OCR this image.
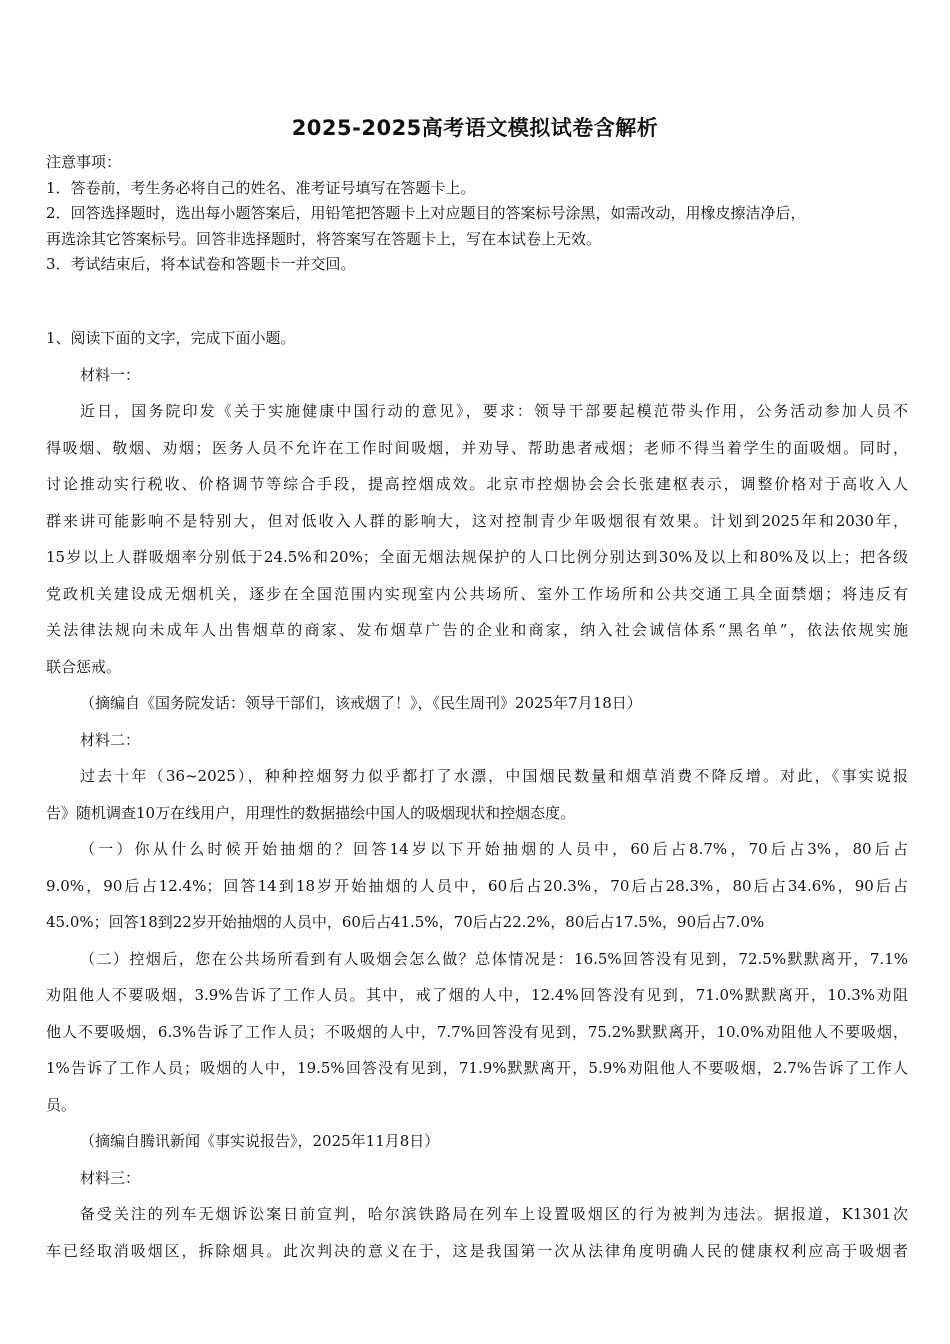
2025-2025高考语文模拟试卷含解析
注意事项：
1．答卷前，考生务必将自己的姓名、准考证号填写在答题卡上。
2．回答选择题时，选出每小题答案后，用铅笔把答题卡上对应题目的答案标号涂黑，如需改动，用橡皮擦洁净后，
再选涂其它答案标号。回答非选择题时，将答案写在答题卡上，写在本试卷上无效。
3．考试结束后，将本试卷和答题卡一并交回。
1、阅读下面的文字，完成下面小题。
材料一：
近日，国务院印发《关于实施健康中国行动的意见》，要求：领导干部要起模范带头作用，公务活动参加人员不
得吸烟、敬烟、劝烟；医务人员不允许在工作时间吸烟，并劝导、帮助患者戒烟；老师不得当着学生的面吸烟。同时，
讨论推动实行税收、价格调节等综合手段，提高控烟成效。北京市控烟协会会长张建枢表示，调整价格对于高收入人
群来讲可能影响不是特别大，但对低收入人群的影响大，这对控制青少年吸烟很有效果。计划到2025年和2030年，
15岁以上人群吸烟率分别低于24.5%和20%；全面无烟法规保护的人口比例分别达到30%及以上和80%及以上；把各级
党政机关建设成无烟机关，逐步在全国范围内实现室内公共场所、室外工作场所和公共交通工具全面禁烟；将违反有
关法律法规向未成年人出售烟草的商家、发布烟草广告的企业和商家，纳入社会诚信体系“黑名单”，依法依规实施
联合惩戒。
（摘编自《国务院发话：领导干部们，该戒烟了！》，《民生周刊》2025年7月18日）
材料二：
过去十年（36~2025），种种控烟努力似乎都打了水漂，中国烟民数量和烟草消费不降反增。对此，《事实说报
告》随机调查10万在线用户，用理性的数据描绘中国人的吸烟现状和控烟态度。
（一）你从什么时候开始抽烟的？回答14岁以下开始抽烟的人员中，60后占8.7%，70后占3%，80后占
9.0%，90后占12.4%；回答14到18岁开始抽烟的人员中，60后占20.3%，70后占28.3%，80后占34.6%，90后占
45.0%；回答18到22岁开始抽烟的人员中，60后占41.5%，70后占22.2%，80后占17.5%，90后占7.0%
（二）控烟后，您在公共场所看到有人吸烟会怎么做？总体情况是：16.5%回答没有见到，72.5%默默离开，7.1%
劝阻他人不要吸烟，3.9%告诉了工作人员。其中，戒了烟的人中，12.4%回答没有见到，71.0%默默离开，10.3%劝阻
他人不要吸烟，6.3%告诉了工作人员；不吸烟的人中，7.7%回答没有见到，75.2%默默离开，10.0%劝阻他人不要吸烟，
1%告诉了工作人员；吸烟的人中，19.5%回答没有见到，71.9%默默离开，5.9%劝阻他人不要吸烟，2.7%告诉了工作人
员。
（摘编自腾讯新闻《事实说报告》，2025年11月8日）
材料三：
备受关注的列车无烟诉讼案日前宣判，哈尔滨铁路局在列车上设置吸烟区的行为被判为违法。据报道，K1301次
车已经取消吸烟区，拆除烟具。此次判决的意义在于，这是我国第一次从法律角度明确人民的健康权利应高于吸烟者
